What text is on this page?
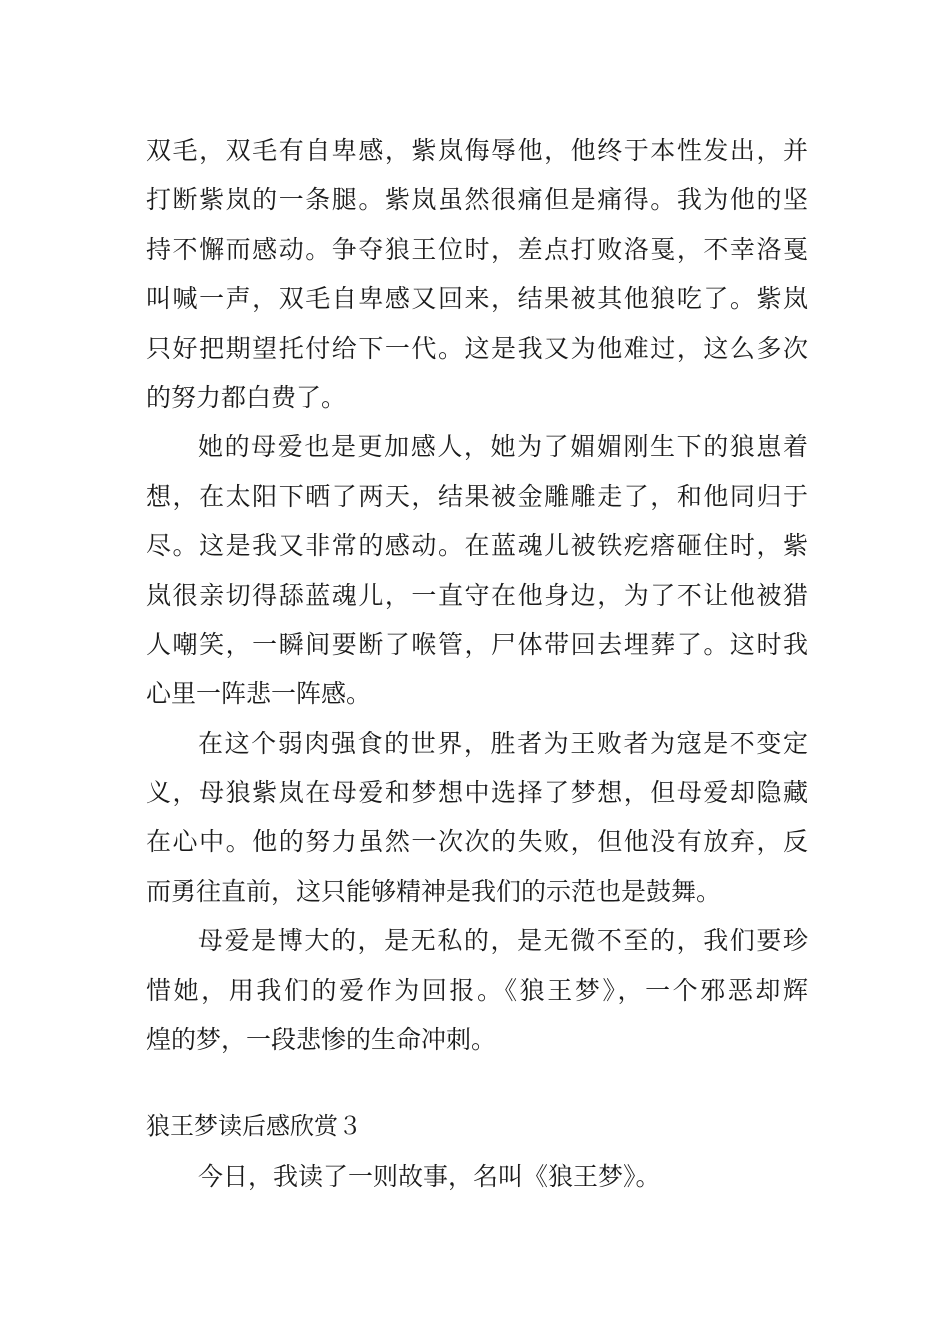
双毛，双毛有自卑感，紫岚侮辱他，他终于本性发出，并
打断紫岚的一条腿。紫岚虽然很痛但是痛得。我为他的坚
持不懈而感动。争夺狼王位时，差点打败洛戛，不幸洛戛
叫喊一声，双毛自卑感又回来，结果被其他狼吃了。紫岚
只好把期望托付给下一代。这是我又为他难过，这么多次
的努力都白费了。
她的母爱也是更加感人，她为了媚媚刚生下的狼崽着
想，在太阳下晒了两天，结果被金雕雕走了，和他同归于
尽。这是我又非常的感动。在蓝魂儿被铁疙瘩砸住时，紫
岚很亲切得舔蓝魂儿，一直守在他身边，为了不让他被猎
人嘲笑，一瞬间要断了喉管，尸体带回去埋葬了。这时我
心里一阵悲一阵感。
在这个弱肉强食的世界，胜者为王败者为寇是不变定
义，母狼紫岚在母爱和梦想中选择了梦想，但母爱却隐藏
在心中。他的努力虽然一次次的失败，但他没有放弃，反
而勇往直前，这只能够精神是我们的示范也是鼓舞。
母爱是博大的，是无私的，是无微不至的，我们要珍
惜她，用我们的爱作为回报。《狼王梦》，一个邪恶却辉
煌的梦，一段悲惨的生命冲刺。
狼王梦读后感欣赏３
今日，我读了一则故事，名叫《狼王梦》。
